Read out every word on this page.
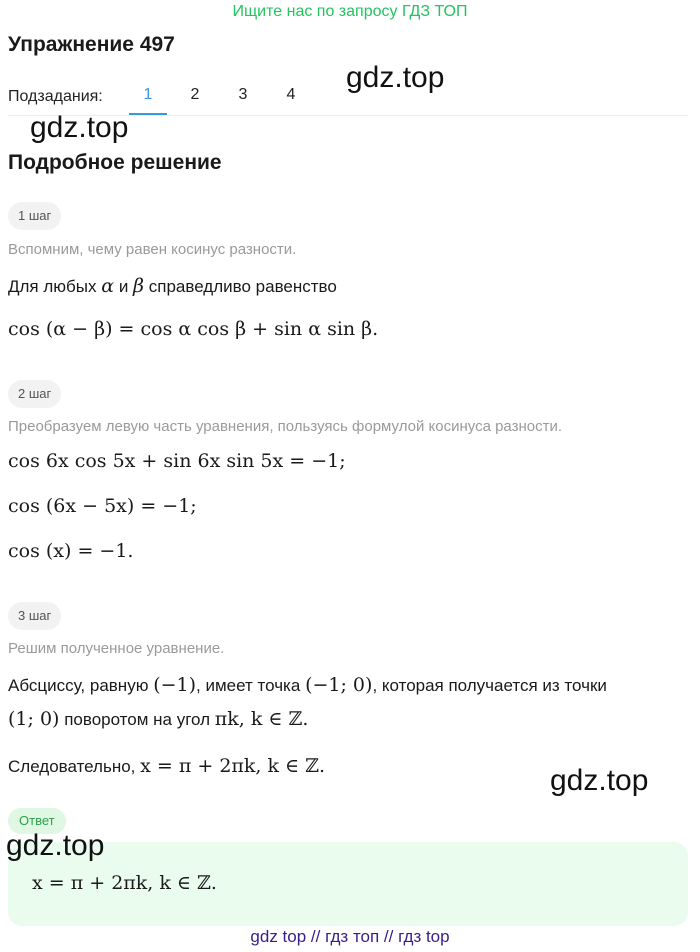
Ищите нас по запросу ГДЗ ТОП
Упражнение 497
Подзадания:	1	2	3	4
gdz.top
gdz.top
Подробное решение
1 шаг
Вспомним, чему равен косинус разности.
Для любых α и β справедливо равенство
cos (α − β) = cos α cos β + sin α sin β.
2 шаг
Преобразуем левую часть уравнения, пользуясь формулой косинуса разности.
cos 6x cos 5x + sin 6x sin 5x = −1;
cos (6x − 5x) = −1;
cos (x) = −1.
3 шаг
Решим полученное уравнение.
Абсциссу, равную (−1), имеет точка (−1; 0), которая получается из точки
(1; 0) поворотом на угол πk, k ∈ ℤ.
Следовательно, x = π + 2πk, k ∈ ℤ.	gdz.top
Ответ
gdz.top
x = π + 2πk, k ∈ ℤ.
gdz top // гдз топ // гдз top
